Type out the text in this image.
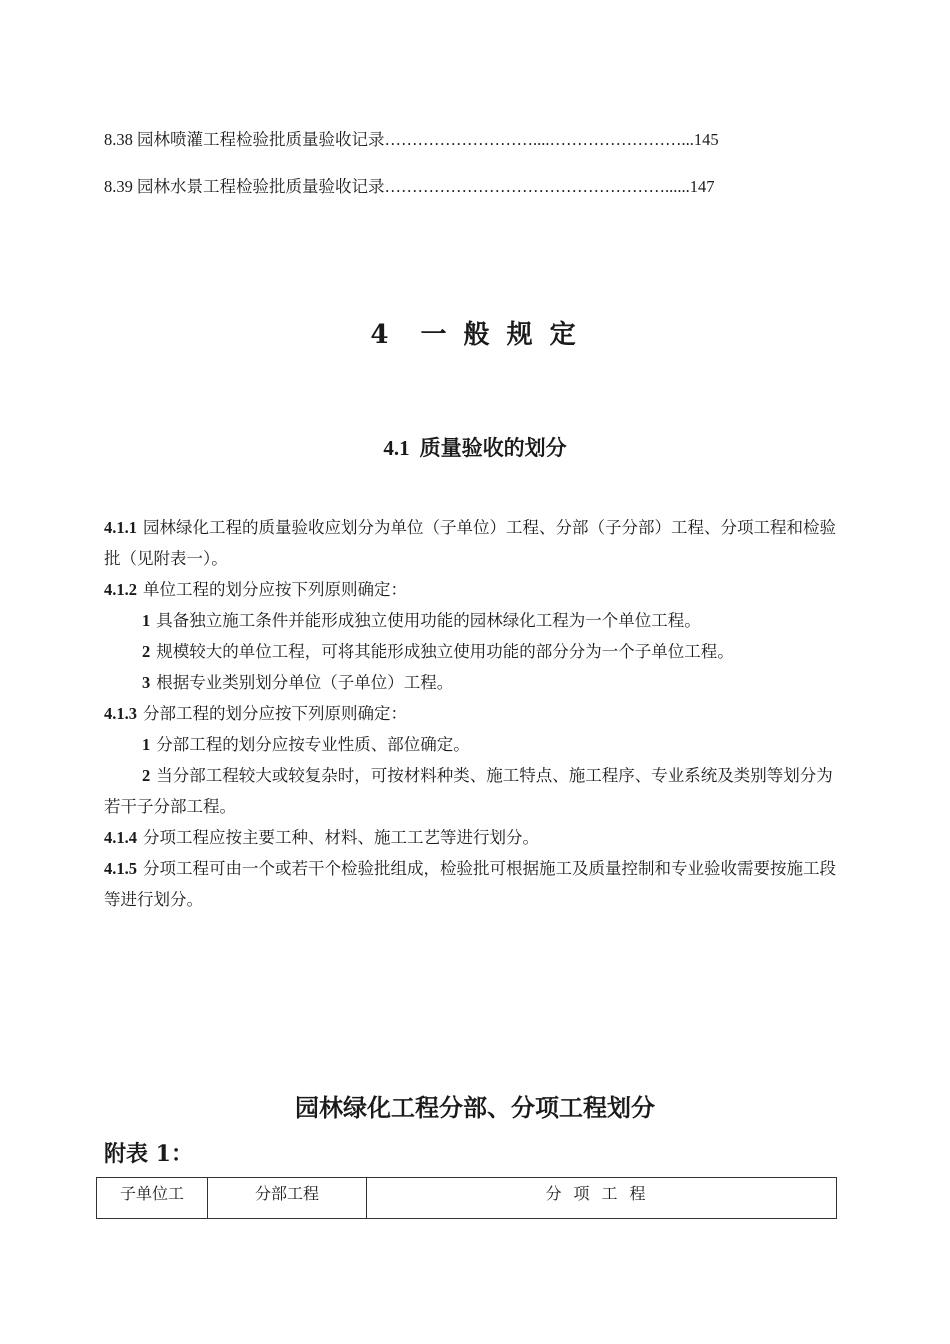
8.38 园林喷灌工程检验批质量验收记录………………………....……………………...145
8.39 园林水景工程检验批质量验收记录……………………………………………......147
4 一 般 规 定
4.1 质量验收的划分
4.1.1 园林绿化工程的质量验收应划分为单位（子单位）工程、分部（子分部）工程、分项工程和检验批（见附表一）。
4.1.2 单位工程的划分应按下列原则确定：
1 具备独立施工条件并能形成独立使用功能的园林绿化工程为一个单位工程。
2 规模较大的单位工程，可将其能形成独立使用功能的部分分为一个子单位工程。
3 根据专业类别划分单位（子单位）工程。
4.1.3 分部工程的划分应按下列原则确定：
1 分部工程的划分应按专业性质、部位确定。
2 当分部工程较大或较复杂时，可按材料种类、施工特点、施工程序、专业系统及类别等划分为若干子分部工程。
4.1.4 分项工程应按主要工种、材料、施工工艺等进行划分。
4.1.5 分项工程可由一个或若干个检验批组成，检验批可根据施工及质量控制和专业验收需要按施工段等进行划分。
园林绿化工程分部、分项工程划分
附表 1：
子单位工	分部工程	分项工程
